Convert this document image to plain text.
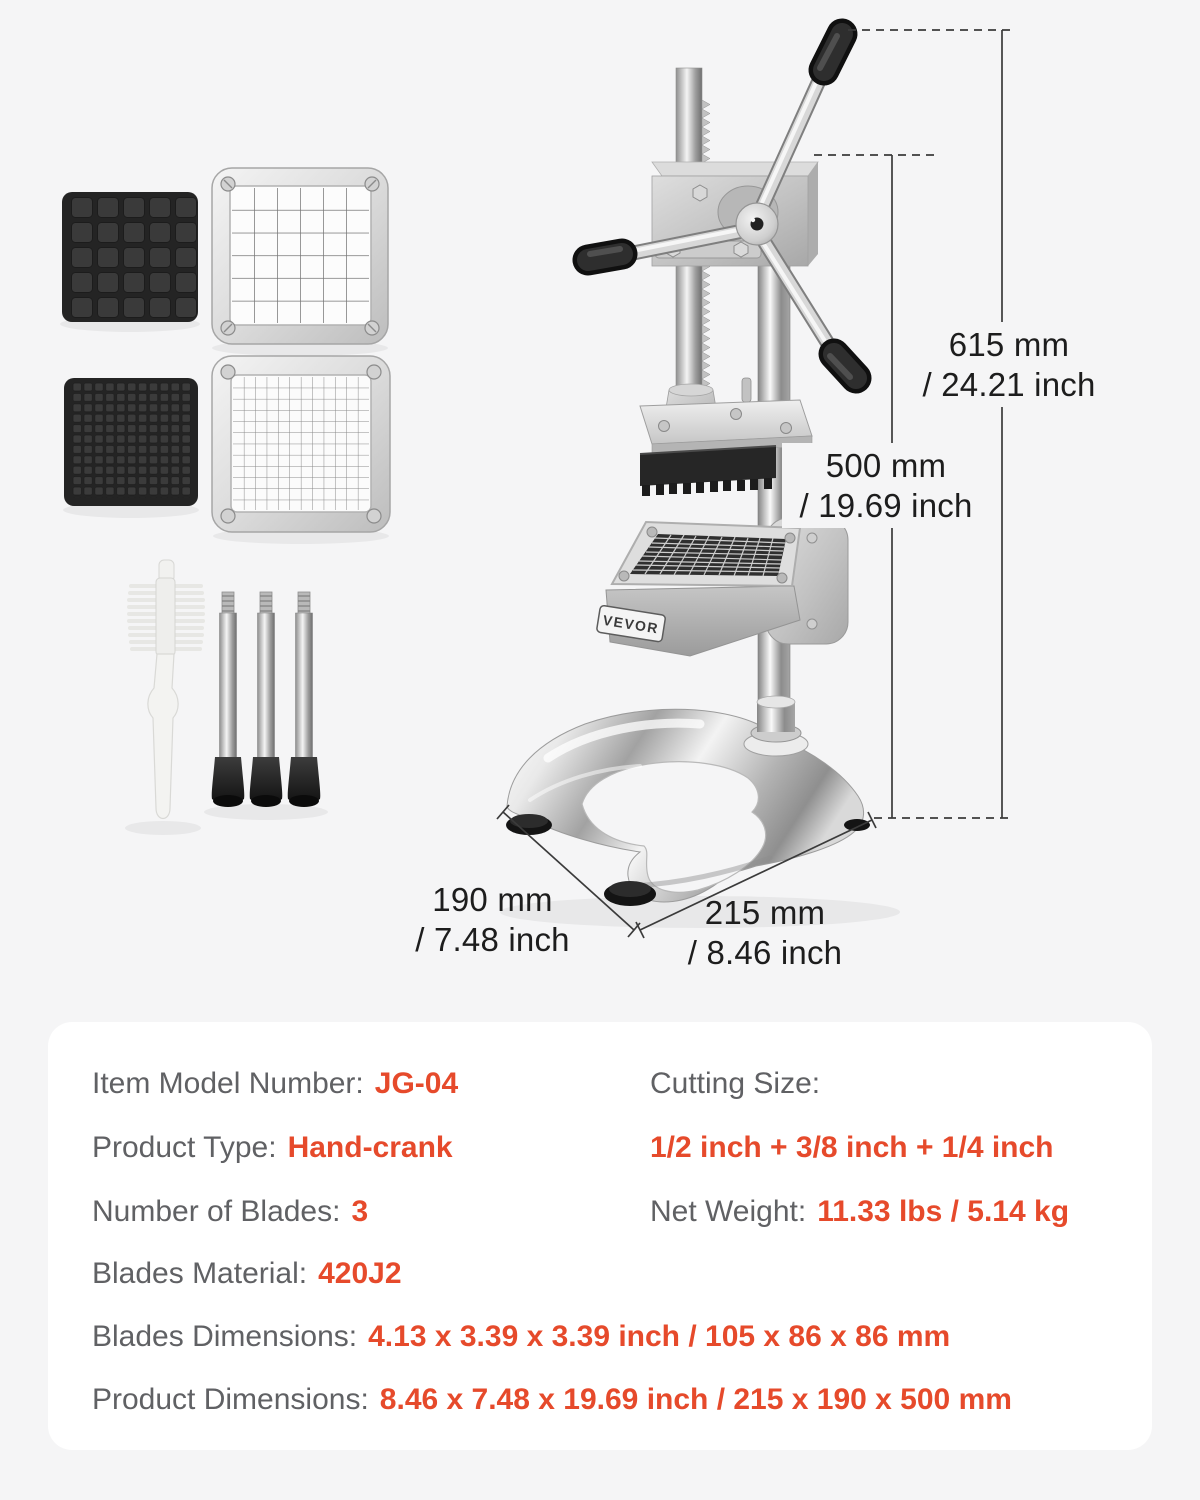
VEVOR
615 mm
/ 24.21 inch
500 mm
/ 19.69 inch
190 mm
/ 7.48 inch
215 mm
/ 8.46 inch
Item Model Number: JG-04
Product Type: Hand-crank
Number of Blades: 3
Blades Material: 420J2
Blades Dimensions: 4.13 x 3.39 x 3.39 inch / 105 x 86 x 86 mm
Product Dimensions: 8.46 x 7.48 x 19.69 inch / 215 x 190 x 500 mm
Cutting Size:
1/2 inch + 3/8 inch + 1/4 inch
Net Weight: 11.33 lbs / 5.14 kg
